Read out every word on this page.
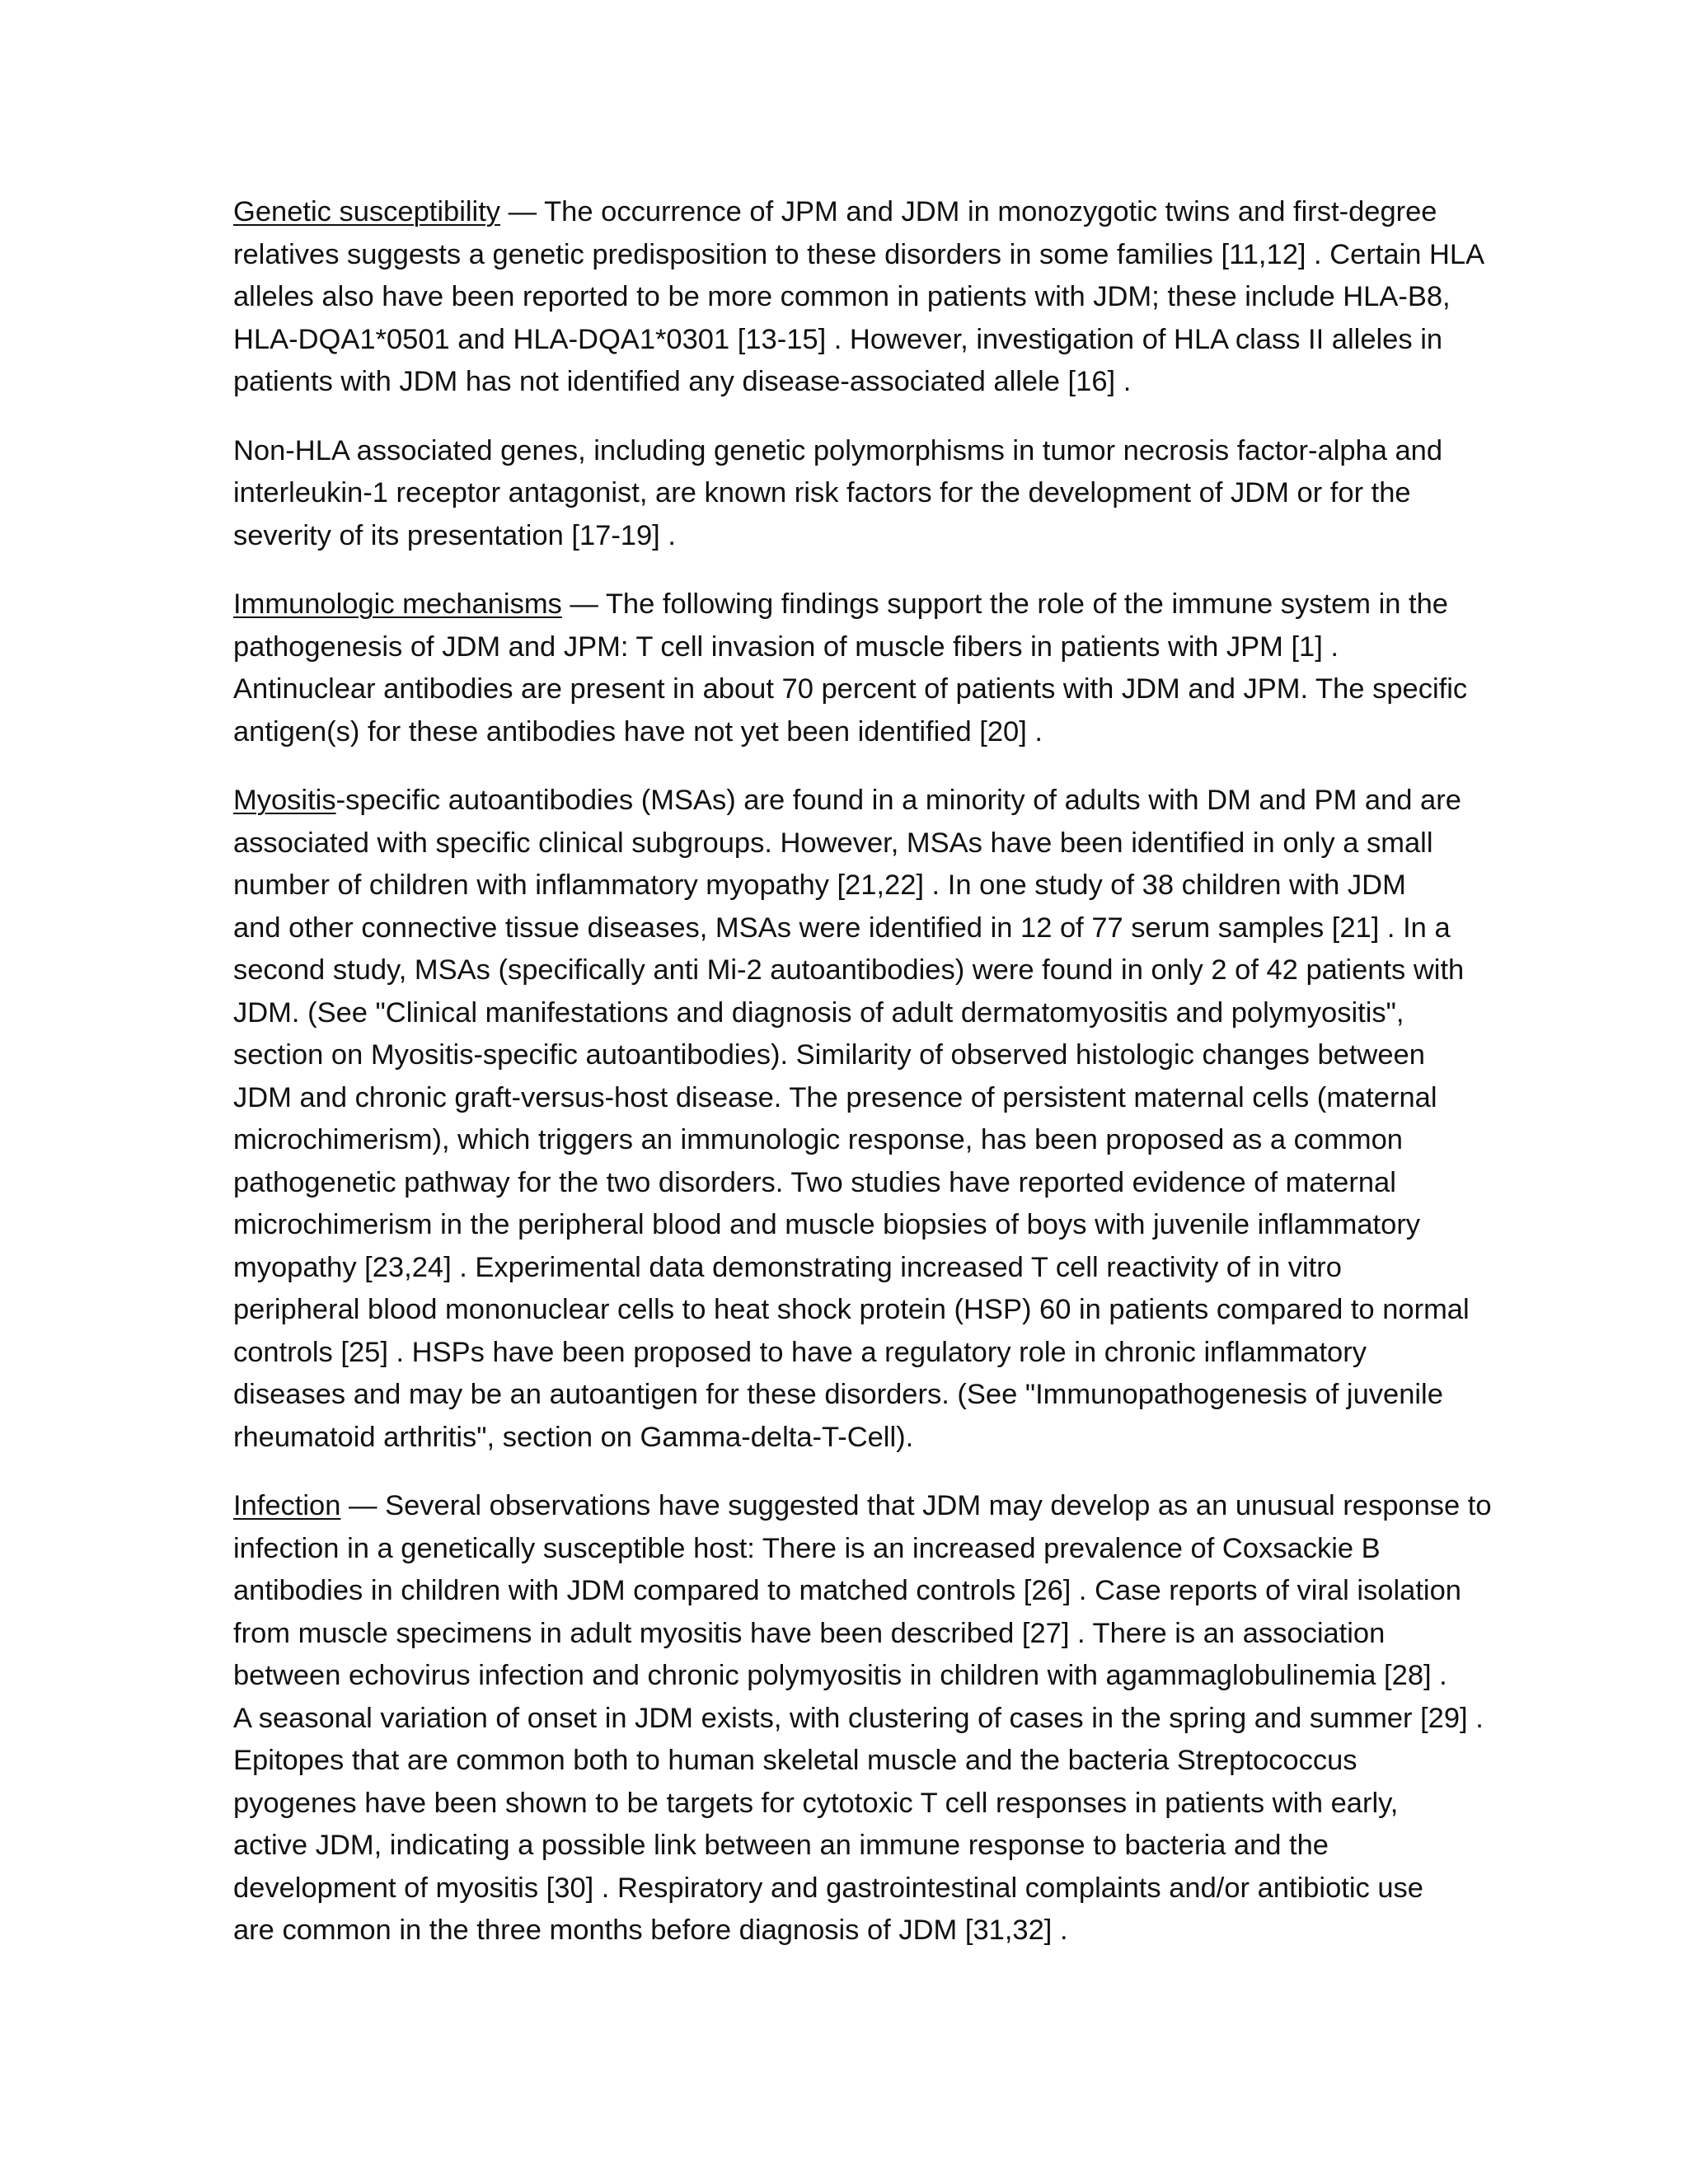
Genetic susceptibility — The occurrence of JPM and JDM in monozygotic twins and first-degree
relatives suggests a genetic predisposition to these disorders in some families [11,12] . Certain HLA
alleles also have been reported to be more common in patients with JDM; these include HLA-B8,
HLA-DQA1*0501 and HLA-DQA1*0301 [13-15] . However, investigation of HLA class II alleles in
patients with JDM has not identified any disease-associated allele [16] .
Non-HLA associated genes, including genetic polymorphisms in tumor necrosis factor-alpha and
interleukin-1 receptor antagonist, are known risk factors for the development of JDM or for the
severity of its presentation [17-19] .
Immunologic mechanisms — The following findings support the role of the immune system in the
pathogenesis of JDM and JPM: T cell invasion of muscle fibers in patients with JPM [1] .
Antinuclear antibodies are present in about 70 percent of patients with JDM and JPM. The specific
antigen(s) for these antibodies have not yet been identified [20] .
Myositis-specific autoantibodies (MSAs) are found in a minority of adults with DM and PM and are
associated with specific clinical subgroups. However, MSAs have been identified in only a small
number of children with inflammatory myopathy [21,22] . In one study of 38 children with JDM
and other connective tissue diseases, MSAs were identified in 12 of 77 serum samples [21] . In a
second study, MSAs (specifically anti Mi-2 autoantibodies) were found in only 2 of 42 patients with
JDM. (See "Clinical manifestations and diagnosis of adult dermatomyositis and polymyositis",
section on Myositis-specific autoantibodies). Similarity of observed histologic changes between
JDM and chronic graft-versus-host disease. The presence of persistent maternal cells (maternal
microchimerism), which triggers an immunologic response, has been proposed as a common
pathogenetic pathway for the two disorders. Two studies have reported evidence of maternal
microchimerism in the peripheral blood and muscle biopsies of boys with juvenile inflammatory
myopathy [23,24] . Experimental data demonstrating increased T cell reactivity of in vitro
peripheral blood mononuclear cells to heat shock protein (HSP) 60 in patients compared to normal
controls [25] . HSPs have been proposed to have a regulatory role in chronic inflammatory
diseases and may be an autoantigen for these disorders. (See "Immunopathogenesis of juvenile
rheumatoid arthritis", section on Gamma-delta-T-Cell).
Infection — Several observations have suggested that JDM may develop as an unusual response to
infection in a genetically susceptible host: There is an increased prevalence of Coxsackie B
antibodies in children with JDM compared to matched controls [26] . Case reports of viral isolation
from muscle specimens in adult myositis have been described [27] . There is an association
between echovirus infection and chronic polymyositis in children with agammaglobulinemia [28] .
A seasonal variation of onset in JDM exists, with clustering of cases in the spring and summer [29] .
Epitopes that are common both to human skeletal muscle and the bacteria Streptococcus
pyogenes have been shown to be targets for cytotoxic T cell responses in patients with early,
active JDM, indicating a possible link between an immune response to bacteria and the
development of myositis [30] . Respiratory and gastrointestinal complaints and/or antibiotic use
are common in the three months before diagnosis of JDM [31,32] .
